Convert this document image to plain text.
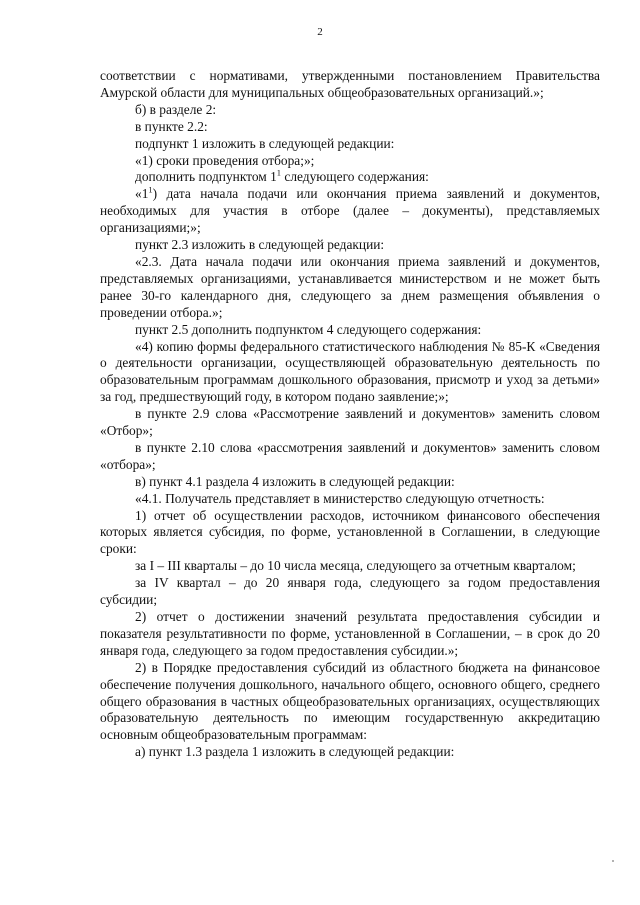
2

соответствии с нормативами, утвержденными постановлением Правительства Амурской области для муниципальных общеобразовательных организаций.»;

б) в разделе 2:

в пункте 2.2:

подпункт 1 изложить в следующей редакции:

«1) сроки проведения отбора;»;

дополнить подпунктом $1^1$ следующего содержания:

«$1^1$) дата начала подачи или окончания приема заявлений и документов, необходимых для участия в отборе (далее – документы), представляемых организациями;»;

пункт 2.3 изложить в следующей редакции:

«2.3. Дата начала подачи или окончания приема заявлений и документов, представляемых организациями, устанавливается министерством и не может быть ранее 30-го календарного дня, следующего за днем размещения объявления о проведении отбора.»;

пункт 2.5 дополнить подпунктом 4 следующего содержания:

«4) копию формы федерального статистического наблюдения № 85-К «Сведения о деятельности организации, осуществляющей образовательную деятельность по образовательным программам дошкольного образования, присмотр и уход за детьми» за год, предшествующий году, в котором подано заявление;»;

в пункте 2.9 слова «Рассмотрение заявлений и документов» заменить словом «Отбор»;

в пункте 2.10 слова «рассмотрения заявлений и документов» заменить словом «отбора»;

в) пункт 4.1 раздела 4 изложить в следующей редакции:

«4.1. Получатель представляет в министерство следующую отчетность:

1) отчет об осуществлении расходов, источником финансового обеспечения которых является субсидия, по форме, установленной в Соглашении, в следующие сроки:

за I – III кварталы – до 10 числа месяца, следующего за отчетным кварталом;

за IV квартал – до 20 января года, следующего за годом предоставления субсидии;

2) отчет о достижении значений результата предоставления субсидии и показателя результативности по форме, установленной в Соглашении, – в срок до 20 января года, следующего за годом предоставления субсидии.»;

2) в Порядке предоставления субсидий из областного бюджета на финансовое обеспечение получения дошкольного, начального общего, основного общего, среднего общего образования в частных общеобразовательных организациях, осуществляющих образовательную деятельность по имеющим государственную аккредитацию основным общеобразовательным программам:

а) пункт 1.3 раздела 1 изложить в следующей редакции:
